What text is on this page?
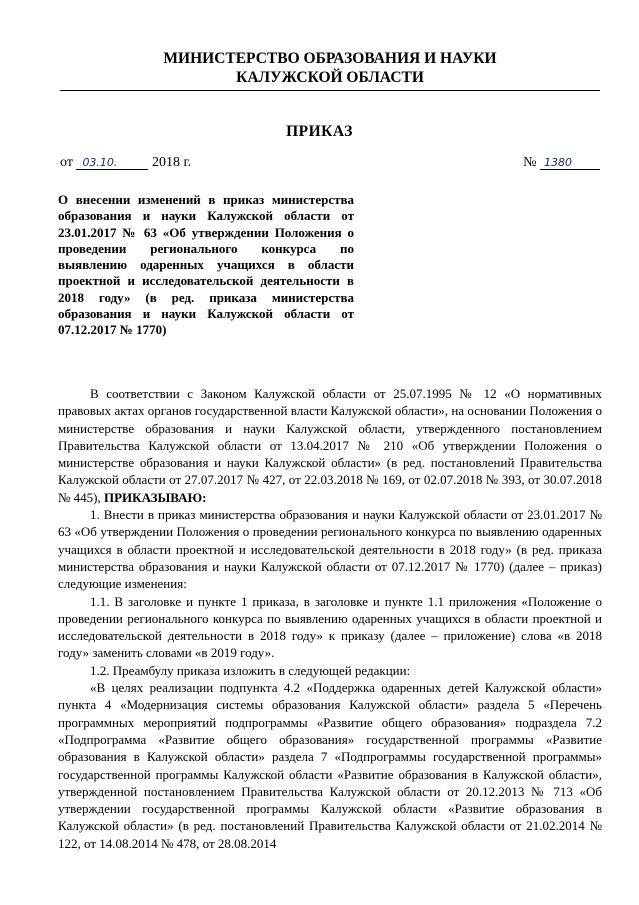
МИНИСТЕРСТВО ОБРАЗОВАНИЯ И НАУКИ
КАЛУЖСКОЙ ОБЛАСТИ
ПРИКАЗ
от 03.10. 2018 г.	№ 1380
О внесении изменений в приказ министерства образования и науки Калужской области от 23.01.2017 № 63 «Об утверждении Положения о проведении регионального конкурса по выявлению одаренных учащихся в области проектной и исследовательской деятельности в 2018 году» (в ред. приказа министерства образования и науки Калужской области от 07.12.2017 № 1770)

В соответствии с Законом Калужской области от 25.07.1995 № 12 «О нормативных правовых актах органов государственной власти Калужской области», на основании Положения о министерстве образования и науки Калужской области, утвержденного постановлением Правительства Калужской области от 13.04.2017 № 210 «Об утверждении Положения о министерстве образования и науки Калужской области» (в ред. постановлений Правительства Калужской области от 27.07.2017 № 427, от 22.03.2018 № 169, от 02.07.2018 № 393, от 30.07.2018 № 445), ПРИКАЗЫВАЮ:

1. Внести в приказ министерства образования и науки Калужской области от 23.01.2017 № 63 «Об утверждении Положения о проведении регионального конкурса по выявлению одаренных учащихся в области проектной и исследовательской деятельности в 2018 году» (в ред. приказа министерства образования и науки Калужской области от 07.12.2017 № 1770) (далее – приказ) следующие изменения:

1.1. В заголовке и пункте 1 приказа, в заголовке и пункте 1.1 приложения «Положение о проведении регионального конкурса по выявлению одаренных учащихся в области проектной и исследовательской деятельности в 2018 году» к приказу (далее – приложение) слова «в 2018 году» заменить словами «в 2019 году».

1.2. Преамбулу приказа изложить в следующей редакции:

«В целях реализации подпункта 4.2 «Поддержка одаренных детей Калужской области» пункта 4 «Модернизация системы образования Калужской области» раздела 5 «Перечень программных мероприятий подпрограммы «Развитие общего образования» подраздела 7.2 «Подпрограмма «Развитие общего образования» государственной программы «Развитие образования в Калужской области» раздела 7 «Подпрограммы государственной программы» государственной программы Калужской области «Развитие образования в Калужской области», утвержденной постановлением Правительства Калужской области от 20.12.2013 № 713 «Об утверждении государственной программы Калужской области «Развитие образования в Калужской области» (в ред. постановлений Правительства Калужской области от 21.02.2014 № 122, от 14.08.2014 № 478, от 28.08.2014
